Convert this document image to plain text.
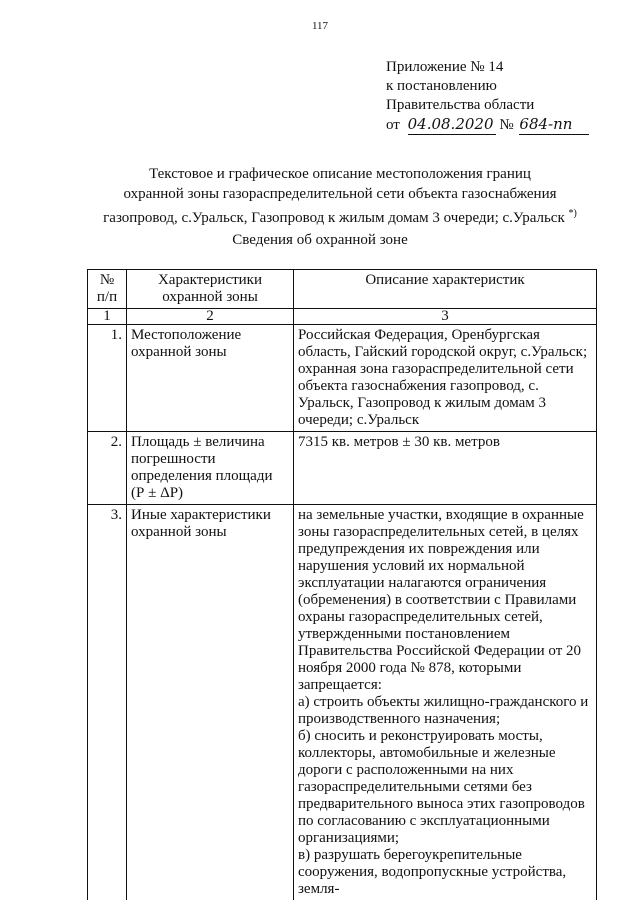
117
Приложение № 14
к постановлению
Правительства области
от 04.08.2020 № 684-пп
Текстовое и графическое описание местоположения границ
охранной зоны газораспределительной сети объекта газоснабжения
газопровод, с.Уральск, Газопровод к жилым домам 3 очереди; с.Уральск *)
Сведения об охранной зоне
№ п/п	Характеристики охранной зоны	Описание характеристик
1	2	3
1.	Местоположение охранной зоны	Российская Федерация, Оренбургская область, Гайский городской округ, с.Уральск; охранная зона газораспределительной сети объекта газоснабжения газопровод, с. Уральск, Газопровод к жилым домам 3 очереди; с.Уральск
2.	Площадь ± величина погрешности определения площади (Р ± ΔР)	7315 кв. метров ± 30 кв. метров
3.	Иные характеристики охранной зоны	на земельные участки, входящие в охранные зоны газораспределительных сетей, в целях предупреждения их повреждения или нарушения условий их нормальной эксплуатации налагаются ограничения (обременения) в соответствии с Правилами охраны газораспределительных сетей, утвержденными постановлением Правительства Российской Федерации от 20 ноября 2000 года № 878, которыми запрещается:
а) строить объекты жилищно-гражданского и производственного назначения;
б) сносить и реконструировать мосты, коллекторы, автомобильные и железные дороги с расположенными на них газораспределительными сетями без предварительного выноса этих газопроводов по согласованию с эксплуатационными организациями;
в) разрушать берегоукрепительные сооружения, водопропускные устройства, земля-
